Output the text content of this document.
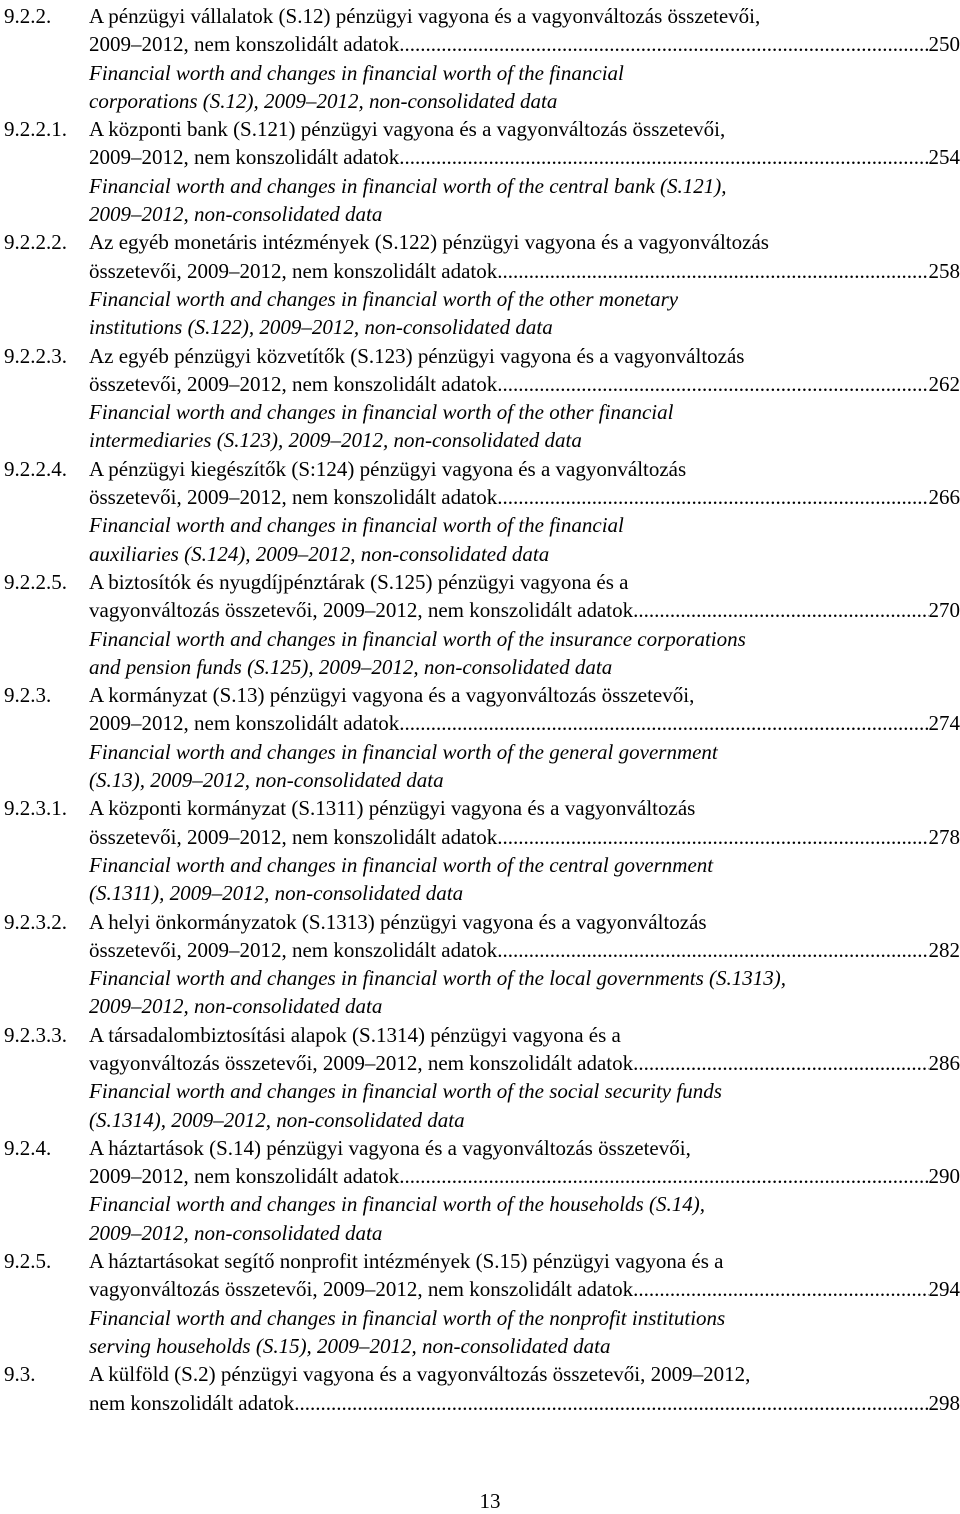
9.2.2. A pénzügyi vállalatok (S.12) pénzügyi vagyona és a vagyonváltozás összetevői,
2009–2012, nem konszolidált adatok .....	250
Financial worth and changes in financial worth of the financial
corporations (S.12), 2009–2012, non-consolidated data
9.2.2.1. A központi bank (S.121) pénzügyi vagyona és a vagyonváltozás összetevői,
2009–2012, nem konszolidált adatok .....	254
Financial worth and changes in financial worth of the central bank (S.121),
2009–2012, non-consolidated data
9.2.2.2. Az egyéb monetáris intézmények (S.122) pénzügyi vagyona és a vagyonváltozás
összetevői, 2009–2012, nem konszolidált adatok .....	258
Financial worth and changes in financial worth of the other monetary
institutions (S.122), 2009–2012, non-consolidated data
9.2.2.3. Az egyéb pénzügyi közvetítők (S.123) pénzügyi vagyona és a vagyonváltozás
összetevői, 2009–2012, nem konszolidált adatok .....	262
Financial worth and changes in financial worth of the other financial
intermediaries (S.123), 2009–2012, non-consolidated data
9.2.2.4. A pénzügyi kiegészítők (S:124) pénzügyi vagyona és a vagyonváltozás
összetevői, 2009–2012, nem konszolidált adatok .....	266
Financial worth and changes in financial worth of the financial
auxiliaries (S.124), 2009–2012, non-consolidated data
9.2.2.5. A biztosítók és nyugdíjpénztárak (S.125) pénzügyi vagyona és a
vagyonváltozás összetevői, 2009–2012, nem konszolidált adatok .....	270
Financial worth and changes in financial worth of the insurance corporations
and pension funds (S.125), 2009–2012, non-consolidated data
9.2.3. A kormányzat (S.13) pénzügyi vagyona és a vagyonváltozás összetevői,
2009–2012, nem konszolidált adatok .....	274
Financial worth and changes in financial worth of the general government
(S.13), 2009–2012, non-consolidated data
9.2.3.1. A központi kormányzat (S.1311) pénzügyi vagyona és a vagyonváltozás
összetevői, 2009–2012, nem konszolidált adatok .....	278
Financial worth and changes in financial worth of the central government
(S.1311), 2009–2012, non-consolidated data
9.2.3.2. A helyi önkormányzatok (S.1313) pénzügyi vagyona és a vagyonváltozás
összetevői, 2009–2012, nem konszolidált adatok .....	282
Financial worth and changes in financial worth of the local governments (S.1313),
2009–2012, non-consolidated data
9.2.3.3. A társadalombiztosítási alapok (S.1314) pénzügyi vagyona és a
vagyonváltozás összetevői, 2009–2012, nem konszolidált adatok .....	286
Financial worth and changes in financial worth of the social security funds
(S.1314), 2009–2012, non-consolidated data
9.2.4. A háztartások (S.14) pénzügyi vagyona és a vagyonváltozás összetevői,
2009–2012, nem konszolidált adatok .....	290
Financial worth and changes in financial worth of the households (S.14),
2009–2012, non-consolidated data
9.2.5. A háztartásokat segítő nonprofit intézmények (S.15) pénzügyi vagyona és a
vagyonváltozás összetevői, 2009–2012, nem konszolidált adatok .....	294
Financial worth and changes in financial worth of the nonprofit institutions
serving households (S.15), 2009–2012, non-consolidated data
9.3.	A külföld (S.2) pénzügyi vagyona és a vagyonváltozás összetevői, 2009–2012,
nem konszolidált adatok .....	298
13
